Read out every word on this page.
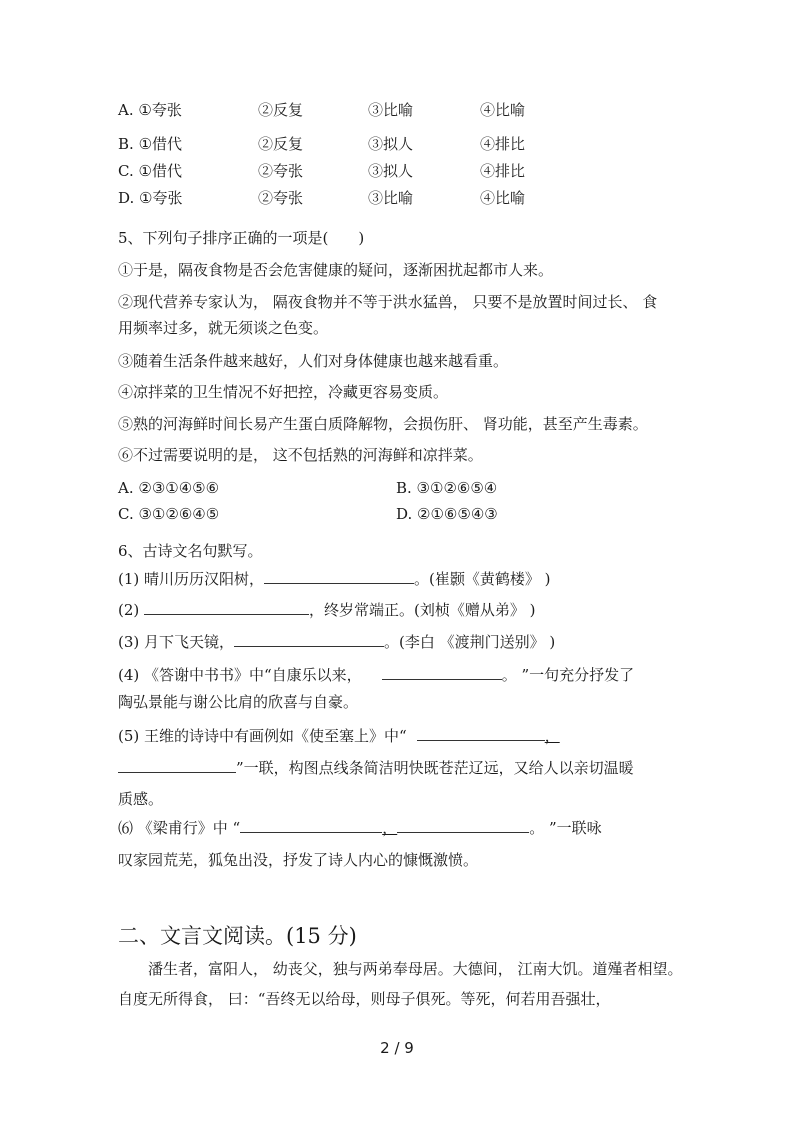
A. ①夸张	②反复	③比喻	④比喻
B. ①借代	②反复	③拟人	④排比
C. ①借代	②夸张	③拟人	④排比
D. ①夸张	②夸张	③比喻	④比喻
5、下列句子排序正确的一项是(　　)
①于是，隔夜食物是否会危害健康的疑问，逐渐困扰起都市人来。
②现代营养专家认为， 隔夜食物并不等于洪水猛兽， 只要不是放置时间过长、 食
用频率过多，就无须谈之色变。
③随着生活条件越来越好，人们对身体健康也越来越看重。
④凉拌菜的卫生情况不好把控，冷藏更容易变质。
⑤熟的河海鲜时间长易产生蛋白质降解物，会损伤肝、 肾功能，甚至产生毒素。
⑥不过需要说明的是， 这不包括熟的河海鲜和凉拌菜。
A. ②③①④⑤⑥	B. ③①②⑥⑤④
C. ③①②⑥④⑤	D. ②①⑥⑤④③
6、古诗文名句默写。
(1) 晴川历历汉阳树，	。(崔颢《黄鹤楼》 )
(2)	，终岁常端正。(刘桢《赠从弟》 )
(3) 月下飞天镜，	。(李白 《渡荆门送别》 )
(4) 《答谢中书书》中“自康乐以来，	。 ”一句充分抒发了
陶弘景能与谢公比肩的欣喜与自豪。
(5) 王维的诗诗中有画例如《使至塞上》中“	，
”一联，构图点线条简洁明快既苍茫辽远，又给人以亲切温暖
质感。
⑹ 《梁甫行》中 “	，	。 ”一联咏
叹家园荒芜，狐兔出没，抒发了诗人内心的慷慨激愤。
二、文言文阅读。(15 分)
潘生者，富阳人， 幼丧父，独与两弟奉母居。大德间， 江南大饥。道殣者相望。自度无所得食， 曰：“吾终无以给母，则母子俱死。等死，何若用吾强壮，
2 / 9
